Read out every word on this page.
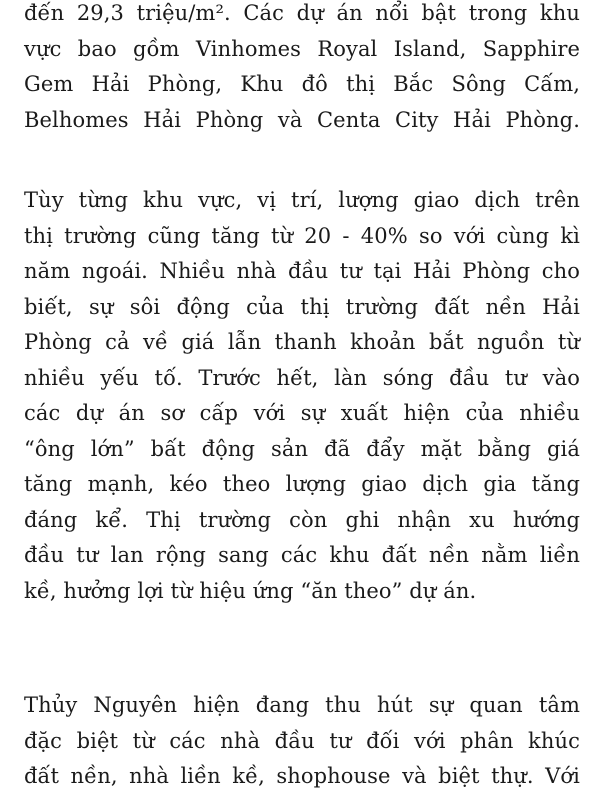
đến 29,3 triệu/m². Các dự án nổi bật trong khu
vực bao gồm Vinhomes Royal Island, Sapphire
Gem Hải Phòng, Khu đô thị Bắc Sông Cấm,
Belhomes Hải Phòng và Centa City Hải Phòng.
Tùy từng khu vực, vị trí, lượng giao dịch trên
thị trường cũng tăng từ 20 - 40% so với cùng kì
năm ngoái. Nhiều nhà đầu tư tại Hải Phòng cho
biết, sự sôi động của thị trường đất nền Hải
Phòng cả về giá lẫn thanh khoản bắt nguồn từ
nhiều yếu tố. Trước hết, làn sóng đầu tư vào
các dự án sơ cấp với sự xuất hiện của nhiều
“ông lớn” bất động sản đã đẩy mặt bằng giá
tăng mạnh, kéo theo lượng giao dịch gia tăng
đáng kể. Thị trường còn ghi nhận xu hướng
đầu tư lan rộng sang các khu đất nền nằm liền
kề, hưởng lợi từ hiệu ứng “ăn theo” dự án.
Thủy Nguyên hiện đang thu hút sự quan tâm
đặc biệt từ các nhà đầu tư đối với phân khúc
đất nền, nhà liền kề, shophouse và biệt thự. Với
